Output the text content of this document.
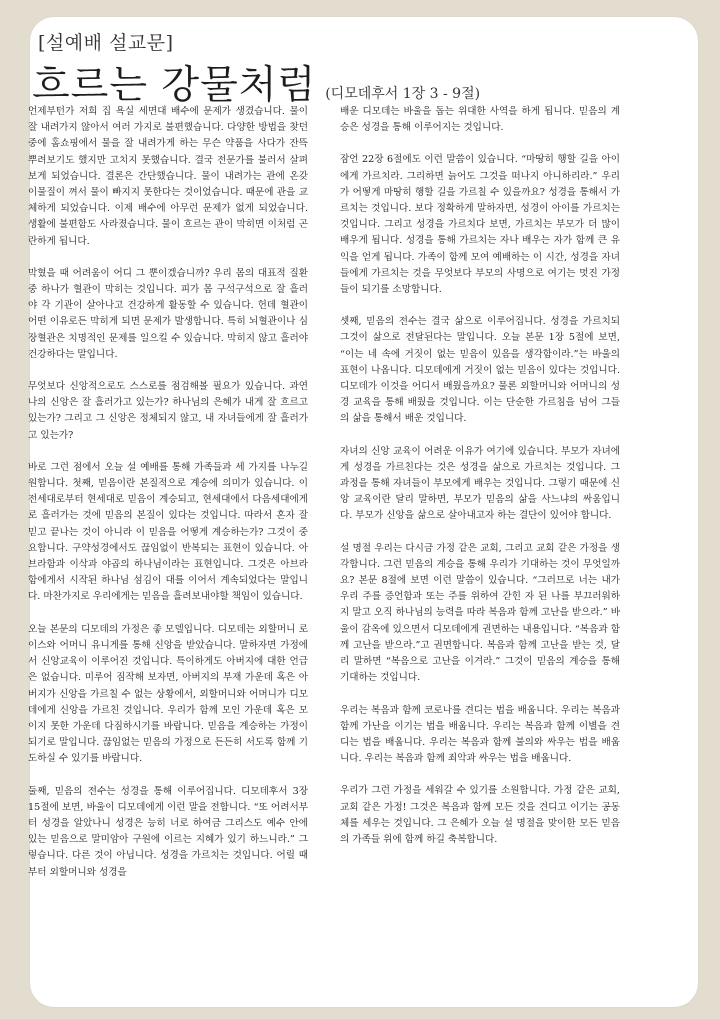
[설예배 설교문]
흐르는 강물처럼 (디모데후서 1장 3 - 9절)

언제부턴가 저희 집 욕실 세면대 배수에 문제가 생겼습니다. 물이 잘 내려가지 않아서 여러 가지로 불편했습니다. 다양한 방법을 찾던 중에 홈쇼핑에서 물을 잘 내려가게 하는 무슨 약품을 사다가 잔뜩 뿌려보기도 했지만 고치지 못했습니다. 결국 전문가를 불러서 살펴보게 되었습니다. 결론은 간단했습니다. 물이 내려가는 관에 온갖 이물질이 껴서 물이 빠지지 못한다는 것이었습니다. 때문에 관을 교체하게 되었습니다. 이제 배수에 아무런 문제가 없게 되었습니다. 생활에 불편함도 사라졌습니다. 물이 흐르는 관이 막히면 이처럼 곤란하게 됩니다.

막혔을 때 어려움이 어디 그 뿐이겠습니까? 우리 몸의 대표적 질환 중 하나가 혈관이 막히는 것입니다. 피가 몸 구석구석으로 잘 흘러야 각 기관이 살아나고 건강하게 활동할 수 있습니다. 헌데 혈관이 어떤 이유로든 막히게 되면 문제가 발생합니다. 특히 뇌혈관이나 심장혈관은 치명적인 문제를 일으킬 수 있습니다. 막히지 않고 흘러야 건강하다는 말입니다.

무엇보다 신앙적으로도 스스로를 점검해볼 필요가 있습니다. 과연 나의 신앙은 잘 흘러가고 있는가? 하나님의 은혜가 내게 잘 흐르고 있는가? 그리고 그 신앙은 정체되지 않고, 내 자녀들에게 잘 흘러가고 있는가?

바로 그런 점에서 오늘 설 예배를 통해 가족들과 세 가지를 나누길 원합니다. 첫째, 믿음이란 본질적으로 계승에 의미가 있습니다. 이전세대로부터 현세대로 믿음이 계승되고, 현세대에서 다음세대에게로 흘러가는 것에 믿음의 본질이 있다는 것입니다. 따라서 혼자 잘 믿고 끝나는 것이 아니라 이 믿음을 어떻게 계승하는가? 그것이 중요합니다. 구약성경에서도 끊임없이 반복되는 표현이 있습니다. 아브라함과 이삭과 야곱의 하나님이라는 표현입니다. 그것은 아브라함에게서 시작된 하나님 섬김이 대를 이어서 계속되었다는 말입니다. 마찬가지로 우리에게는 믿음을 흘려보내야할 책임이 있습니다.

오늘 본문의 디모데의 가정은 좋 모델입니다. 디모데는 외할머니 로이스와 어머니 유니게를 통해 신앙을 받았습니다. 말하자면 가정에서 신앙교육이 이루어진 것입니다. 특이하게도 아버지에 대한 언급은 없습니다. 미루어 짐작해 보자면, 아버지의 부재 가운데 혹은 아버지가 신앙을 가르칠 수 없는 상황에서, 외할머니와 어머니가 디모데에게 신앙을 가르친 것입니다. 우리가 함께 모인 가운데 혹은 모이지 못한 가운데 다짐하시기를 바랍니다. 믿음을 계승하는 가정이 되기로 말입니다. 끊임없는 믿음의 가정으로 든든히 서도록 함께 기도하실 수 있기를 바랍니다.

둘째, 믿음의 전수는 성경을 통해 이루어집니다. 디모데후서 3장 15절에 보면, 바울이 디모데에게 이런 말을 전합니다. “또 어려서부터 성경을 알았나니 성경은 능히 너로 하여금 그리스도 예수 안에 있는 믿음으로 말미암아 구원에 이르는 지혜가 있기 하느니라.” 그렇습니다. 다른 것이 아닙니다. 성경을 가르치는 것입니다. 어릴 때부터 외할머니와 성경을

배운 디모데는 바울을 돕는 위대한 사역을 하게 됩니다. 믿음의 계승은 성경을 통해 이루어지는 것입니다.

잠언 22장 6절에도 이런 말씀이 있습니다. “마땅히 행할 길을 아이에게 가르치라. 그리하면 늙어도 그것을 떠나지 아니하리라.” 우리가 어떻게 마땅히 행할 길을 가르칠 수 있을까요? 성경을 통해서 가르치는 것입니다. 보다 정확하게 말하자면, 성경이 아이를 가르치는 것입니다. 그리고 성경을 가르치다 보면, 가르치는 부모가 더 많이 배우게 됩니다. 성경을 통해 가르치는 자나 배우는 자가 함께 큰 유익을 얻게 됩니다. 가족이 함께 모여 예배하는 이 시간, 성경을 자녀들에게 가르치는 것을 무엇보다 부모의 사명으로 여기는 멋진 가정들이 되기를 소망합니다.

셋째, 믿음의 전수는 결국 삶으로 이루어집니다. 성경을 가르치되 그것이 삶으로 전달된다는 말입니다. 오늘 본문 1장 5절에 보면, “이는 네 속에 거짓이 없는 믿음이 있음을 생각함이라.”는 바울의 표현이 나옵니다. 디모데에게 거짓이 없는 믿음이 있다는 것입니다. 디모데가 이것을 어디서 배웠을까요? 물론 외할머니와 어머니의 성경 교육을 통해 배웠을 것입니다. 이는 단순한 가르침을 넘어 그들의 삶을 통해서 배운 것입니다.

자녀의 신앙 교육이 어려운 이유가 여기에 있습니다. 부모가 자녀에게 성경을 가르친다는 것은 성경을 삶으로 가르치는 것입니다. 그 과정을 통해 자녀들이 부모에게 배우는 것입니다. 그렇기 때문에 신앙 교육이란 달리 말하면, 부모가 믿음의 삶을 사느냐의 싸움입니다. 부모가 신앙을 삶으로 살아내고자 하는 결단이 있어야 합니다.

설 명절 우리는 다시금 가정 같은 교회, 그리고 교회 같은 가정을 생각합니다. 그런 믿음의 계승을 통해 우리가 기대하는 것이 무엇일까요? 본문 8절에 보면 이런 말씀이 있습니다. “그러므로 너는 내가 우리 주를 증언함과 또는 주를 위하여 갇힌 자 된 나를 부끄러워하지 말고 오직 하나님의 능력을 따라 복음과 함께 고난을 받으라.” 바울이 감옥에 있으면서 디모데에게 권면하는 내용입니다. “복음과 함께 고난을 받으라.”고 권면합니다. 복음과 함께 고난을 받는 것, 달리 말하면 “복음으로 고난을 이겨라.” 그것이 믿음의 계승을 통해 기대하는 것입니다.

우리는 복음과 함께 코로나를 견디는 법을 배웁니다. 우리는 복음과 함께 가난을 이기는 법을 배웁니다. 우리는 복음과 함께 이별을 견디는 법을 배웁니다. 우리는 복음과 함께 불의와 싸우는 법을 배웁니다. 우리는 복음과 함께 죄악과 싸우는 법을 배웁니다.

우리가 그런 가정을 세워갈 수 있기를 소원합니다. 가정 같은 교회, 교회 같은 가정! 그것은 복음과 함께 모든 것을 견디고 이기는 공동체를 세우는 것입니다. 그 은혜가 오늘 설 명절을 맞이한 모든 믿음의 가족들 위에 함께 하길 축복합니다.
